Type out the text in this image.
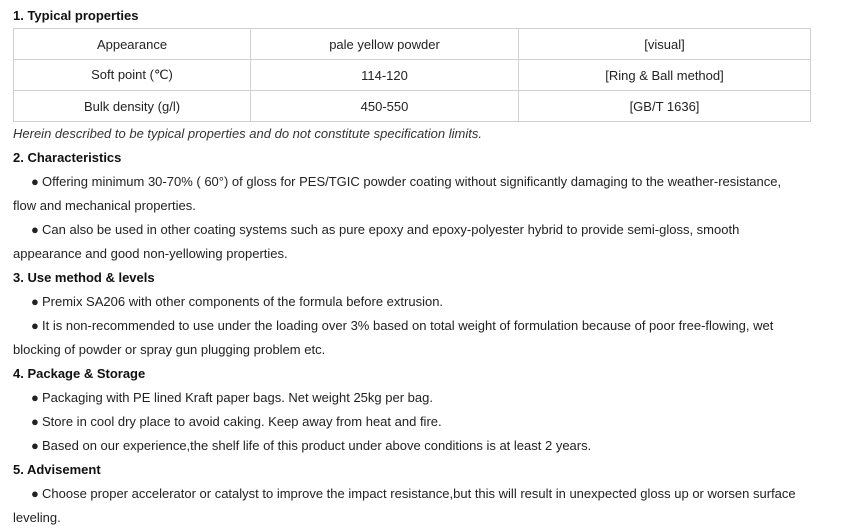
1. Typical properties
Appearance	pale yellow powder	[visual]
Soft point (℃)	114-120	[Ring & Ball method]
Bulk density (g/l)	450-550	[GB/T 1636]
Herein described to be typical properties and do not constitute specification limits.
2. Characteristics
● Offering minimum 30-70% ( 60°) of gloss for PES/TGIC powder coating without significantly damaging to the weather-resistance,
flow and mechanical properties.
● Can also be used in other coating systems such as pure epoxy and epoxy-polyester hybrid to provide semi-gloss, smooth
appearance and good non-yellowing properties.
3. Use method & levels
● Premix SA206 with other components of the formula before extrusion.
● It is non-recommended to use under the loading over 3% based on total weight of formulation because of poor free-flowing, wet
blocking of powder or spray gun plugging problem etc.
4. Package & Storage
● Packaging with PE lined Kraft paper bags. Net weight 25kg per bag.
● Store in cool dry place to avoid caking. Keep away from heat and fire.
● Based on our experience,the shelf life of this product under above conditions is at least 2 years.
5. Advisement
● Choose proper accelerator or catalyst to improve the impact resistance,but this will result in unexpected gloss up or worsen surface
leveling.
